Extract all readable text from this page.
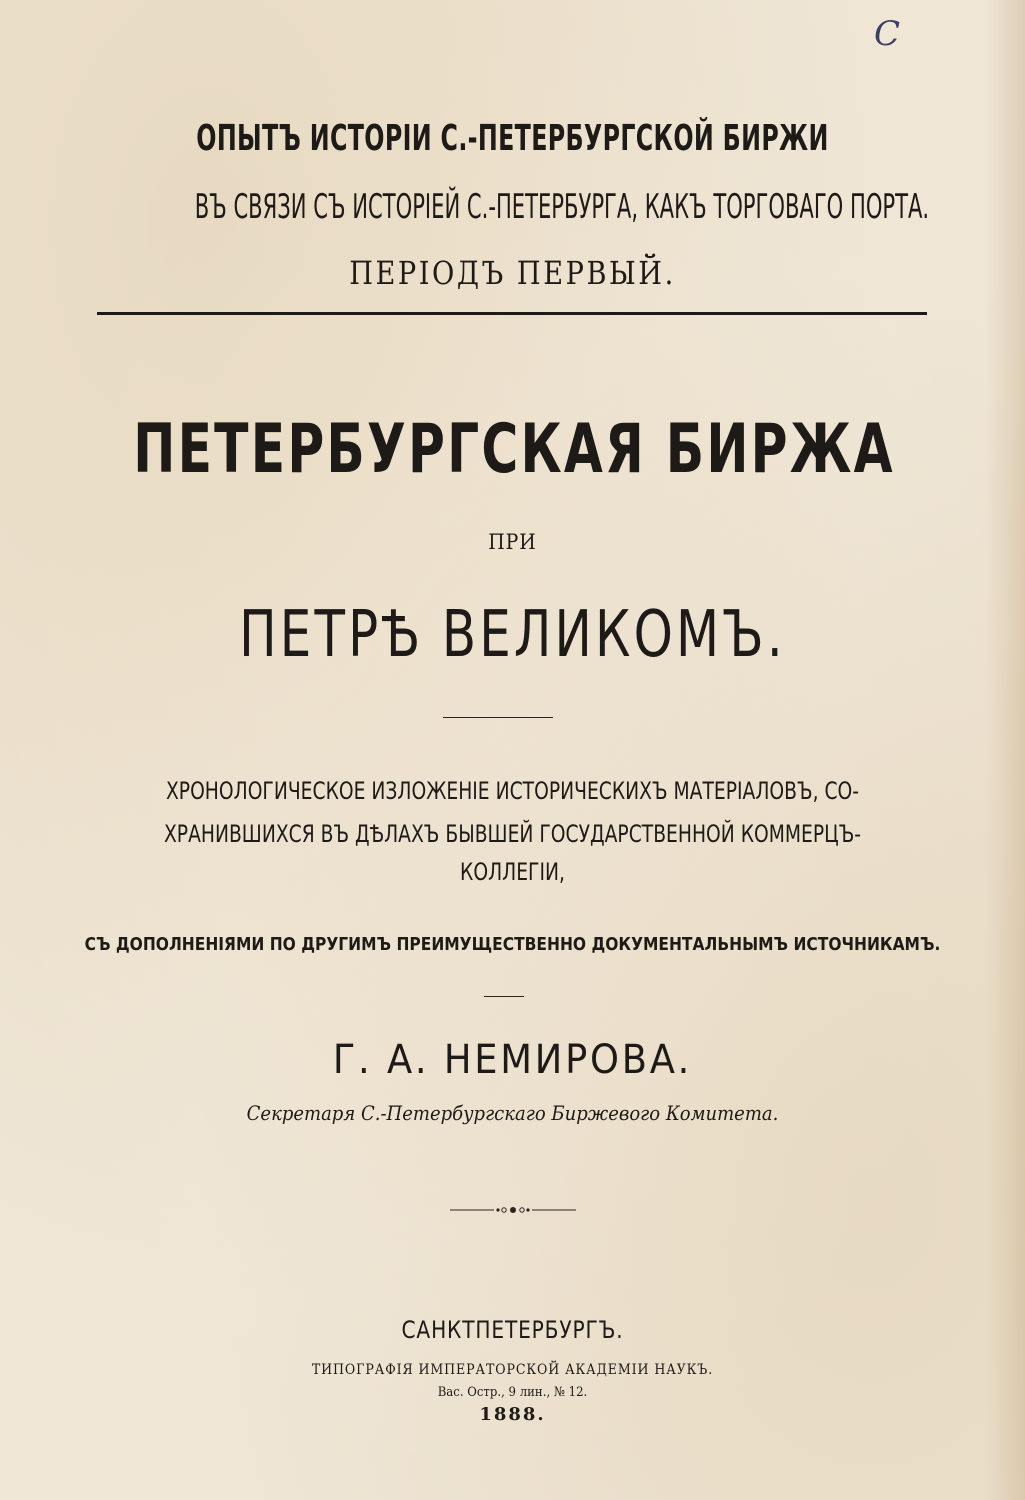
С
ОПЫТЪ ИСТОРІИ С.-ПЕТЕРБУРГСКОЙ БИРЖИ
ВЪ СВЯЗИ СЪ ИСТОРІЕЙ С.-ПЕТЕРБУРГА, КАКЪ ТОРГОВАГО ПОРТА.
ПЕРІОДЪ ПЕРВЫЙ.
ПЕТЕРБУРГСКАЯ БИРЖА
ПРИ
ПЕТРѢ ВЕЛИКОМЪ.
ХРОНОЛОГИЧЕСКОЕ ИЗЛОЖЕНІЕ ИСТОРИЧЕСКИХЪ МАТЕРІАЛОВЪ, СО-
ХРАНИВШИХСЯ ВЪ ДѢЛАХЪ БЫВШЕЙ ГОСУДАРСТВЕННОЙ КОММЕРЦЪ-
КОЛЛЕГІИ,
СЪ ДОПОЛНЕНІЯМИ ПО ДРУГИМЪ ПРЕИМУЩЕСТВЕННО ДОКУМЕНТАЛЬНЫМЪ ИСТОЧНИКАМЪ.
Г. А. НЕМИРОВА.
Секретаря С.-Петербургскаго Биржевого Комитета.
САНКТПЕТЕРБУРГЪ.
ТИПОГРАФІЯ ИМПЕРАТОРСКОЙ АКАДЕМІИ НАУКЪ.
Вас. Остр., 9 лин., № 12.
1888.
